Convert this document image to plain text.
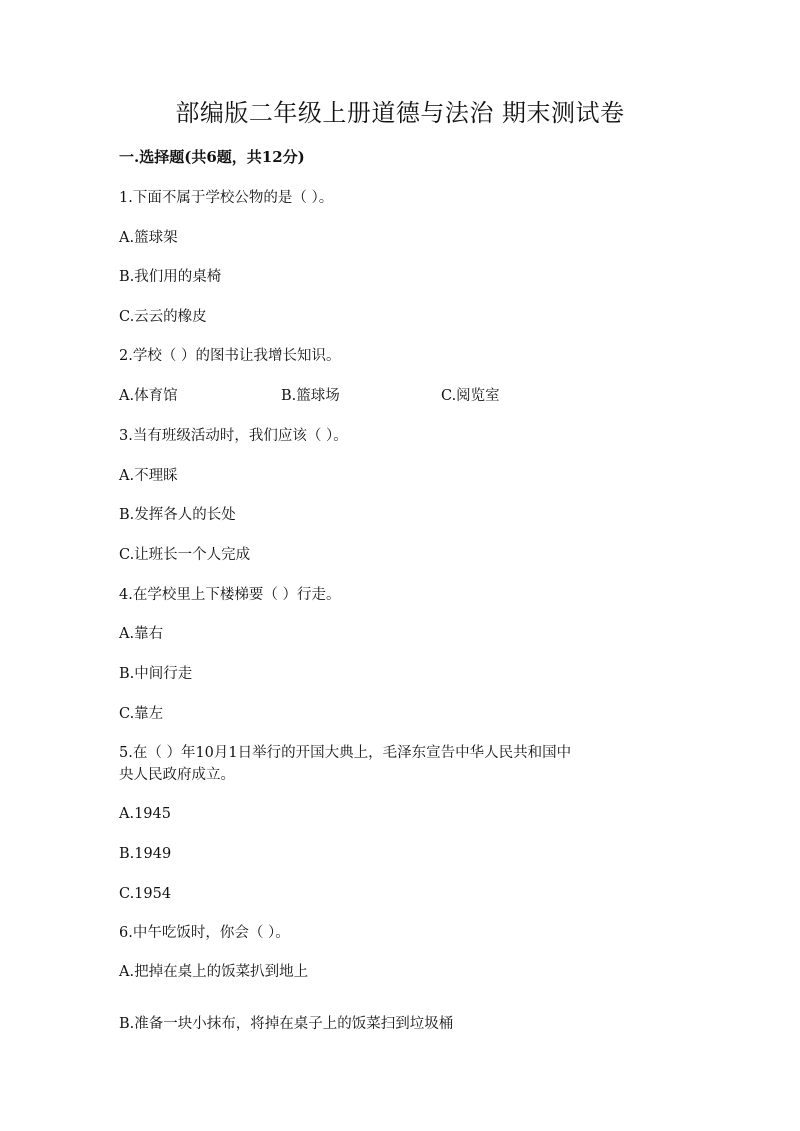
部编版二年级上册道德与法治 期末测试卷
一.选择题(共6题，共12分)
1.下面不属于学校公物的是（ ）。
A.篮球架
B.我们用的桌椅
C.云云的橡皮
2.学校（ ）的图书让我增长知识。
A.体育馆	B.篮球场	C.阅览室
3.当有班级活动时，我们应该（ ）。
A.不理睬
B.发挥各人的长处
C.让班长一个人完成
4.在学校里上下楼梯要（ ）行走。
A.靠右
B.中间行走
C.靠左
5.在（ ）年10月1日举行的开国大典上，毛泽东宣告中华人民共和国中
央人民政府成立。
A.1945
B.1949
C.1954
6.中午吃饭时，你会（ ）。
A.把掉在桌上的饭菜扒到地上
B.准备一块小抹布，将掉在桌子上的饭菜扫到垃圾桶
